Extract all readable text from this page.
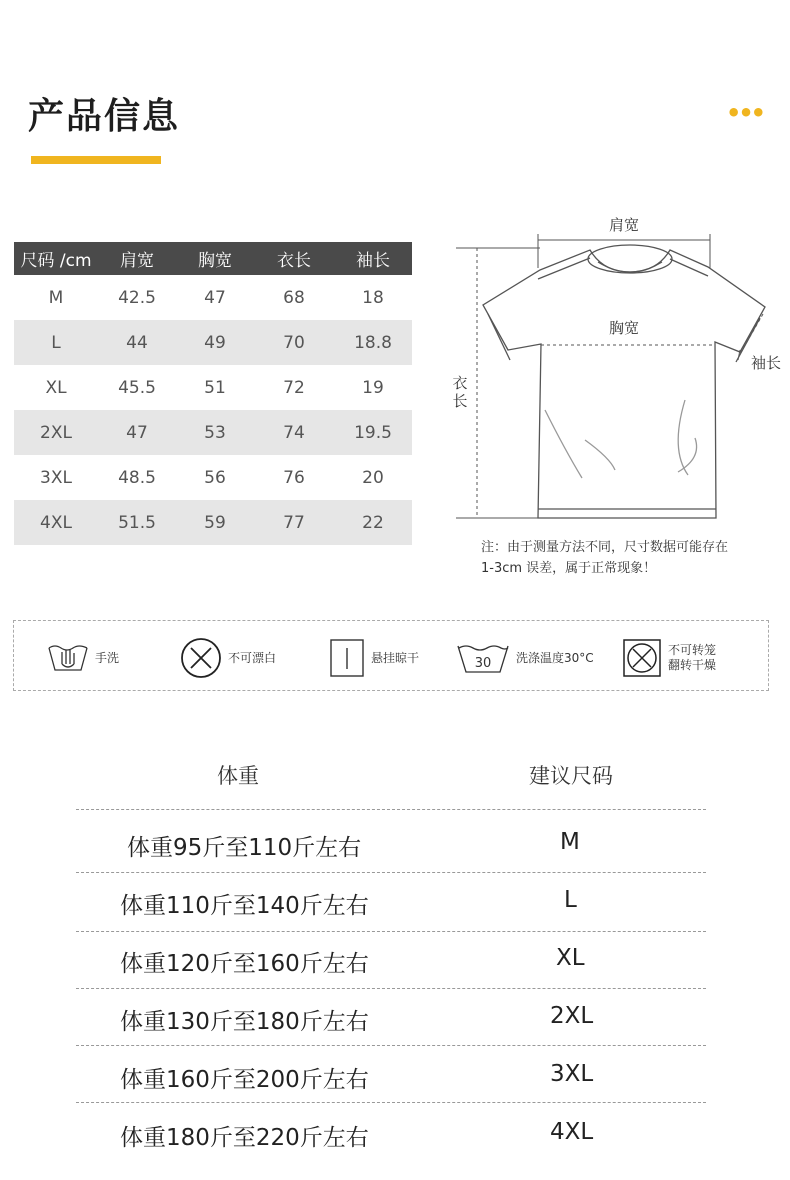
产品信息	•••
尺码 /cm	肩宽	胸宽	衣长	袖长
M	42.5	47	68	18
L	44	49	70	18.8
XL	45.5	51	72	19
2XL	47	53	74	19.5
3XL	48.5	56	76	20
4XL	51.5	59	77	22
肩宽
胸宽
袖长
衣
长
注：由于测量方法不同，尺寸数据可能存在
1-3cm 误差，属于正常现象！
手洗	不可漂白	悬挂晾干	30 洗涤温度30°C
不可转笼
翻转干燥
体重	建议尺码
体重95斤至110斤左右	M
体重110斤至140斤左右	L
体重120斤至160斤左右	XL
体重130斤至180斤左右	2XL
体重160斤至200斤左右	3XL
体重180斤至220斤左右	4XL
